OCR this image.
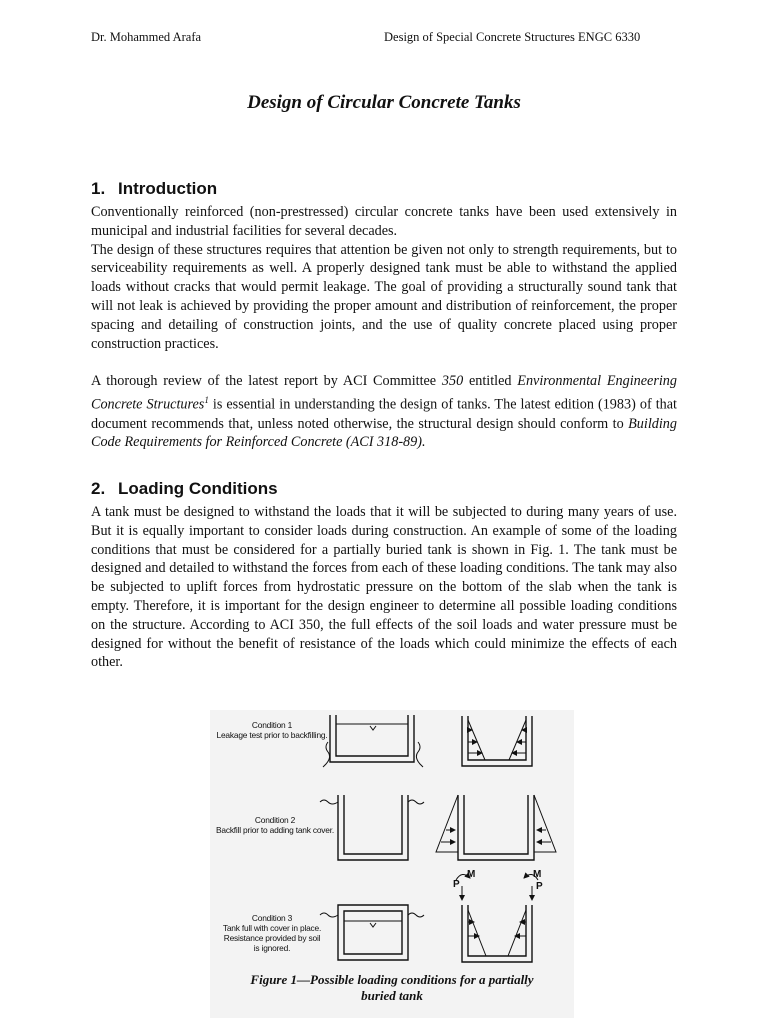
Dr. Mohammed Arafa	Design of Special Concrete Structures ENGC 6330
Design of Circular Concrete Tanks
1. Introduction

Conventionally reinforced (non-prestressed) circular concrete tanks have been used extensively in municipal and industrial facilities for several decades.

The design of these structures requires that attention be given not only to strength requirements, but to serviceability requirements as well. A properly designed tank must be able to withstand the applied loads without cracks that would permit leakage. The goal of providing a structurally sound tank that will not leak is achieved by providing the proper amount and distribution of reinforcement, the proper spacing and detailing of construction joints, and the use of quality concrete placed using proper construction practices.

A thorough review of the latest report by ACI Committee 350 entitled Environmental Engineering Concrete Structures$^1$ is essential in understanding the design of tanks. The latest edition (1983) of that document recommends that, unless noted otherwise, the structural design should conform to Building Code Requirements for Reinforced Concrete (ACI 318-89).

2. Loading Conditions

A tank must be designed to withstand the loads that it will be subjected to during many years of use. But it is equally important to consider loads during construction. An example of some of the loading conditions that must be considered for a partially buried tank is shown in Fig. 1. The tank must be designed and detailed to withstand the forces from each of these loading conditions. The tank may also be subjected to uplift forces from hydrostatic pressure on the bottom of the slab when the tank is empty. Therefore, it is important for the design engineer to determine all possible loading conditions on the structure. According to ACI 350, the full effects of the soil loads and water pressure must be designed for without the benefit of resistance of the loads which could minimize the effects of each other.

Condition 1
Leakage test prior to backfilling.
Condition 2
Backfill prior to adding tank cover.
Condition 3
Tank full with cover in place.
Resistance provided by soil
is ignored.
M
P
M
P
Figure 1—Possible loading conditions for a partially
buried tank
